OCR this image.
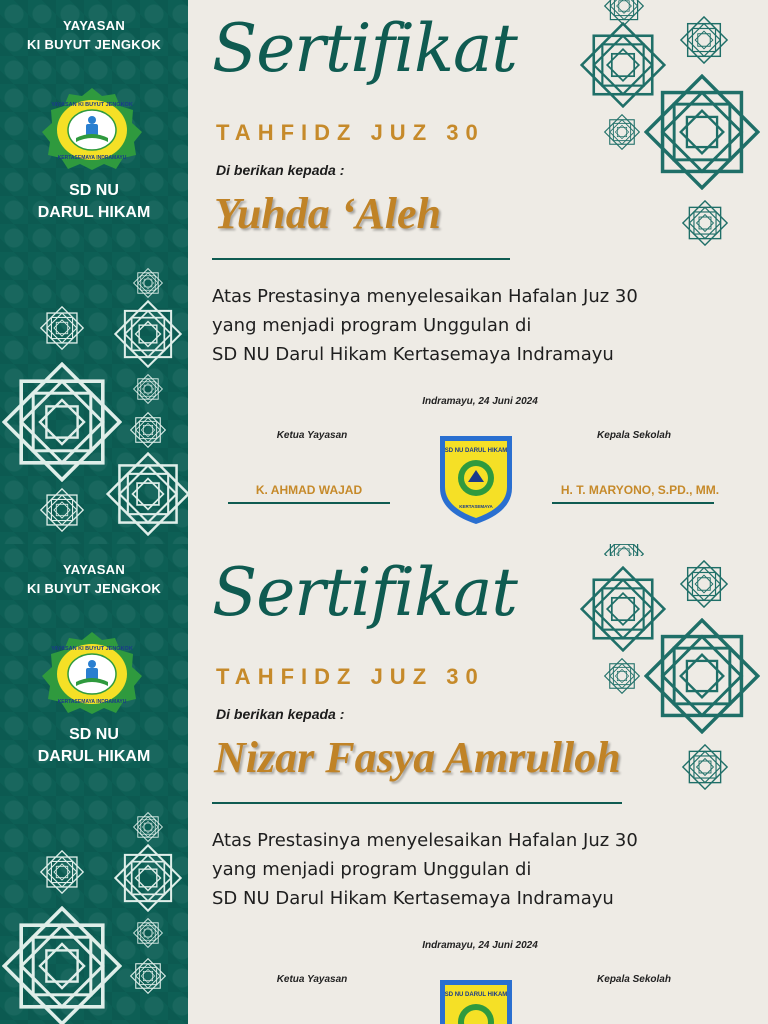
YAYASAN
KI BUYUT JENGKOK
YAYASAN KI BUYUT JENGKOK
KERTASEMAYA INDRAMAYU
SD NU
DARUL HIKAM
Sertifikat
TAHFIDZ JUZ 30
Di berikan kepada :
Yuhda ‘Aleh
Atas Prestasinya menyelesaikan Hafalan Juz 30
yang menjadi program Unggulan di
SD NU Darul Hikam Kertasemaya Indramayu
Indramayu, 24 Juni 2024
Ketua Yayasan	Kepala Sekolah
K. AHMAD WAJAD	H. T. MARYONO, S.PD., MM.
SD NU DARUL HIKAM
KERTASEMAYA
YAYASAN
KI BUYUT JENGKOK
YAYASAN KI BUYUT JENGKOK
KERTASEMAYA INDRAMAYU
SD NU
DARUL HIKAM
Sertifikat
TAHFIDZ JUZ 30
Di berikan kepada :
Nizar Fasya Amrulloh
Atas Prestasinya menyelesaikan Hafalan Juz 30
yang menjadi program Unggulan di
SD NU Darul Hikam Kertasemaya Indramayu
Indramayu, 24 Juni 2024
Ketua Yayasan	Kepala Sekolah
SD NU DARUL HIKAM
